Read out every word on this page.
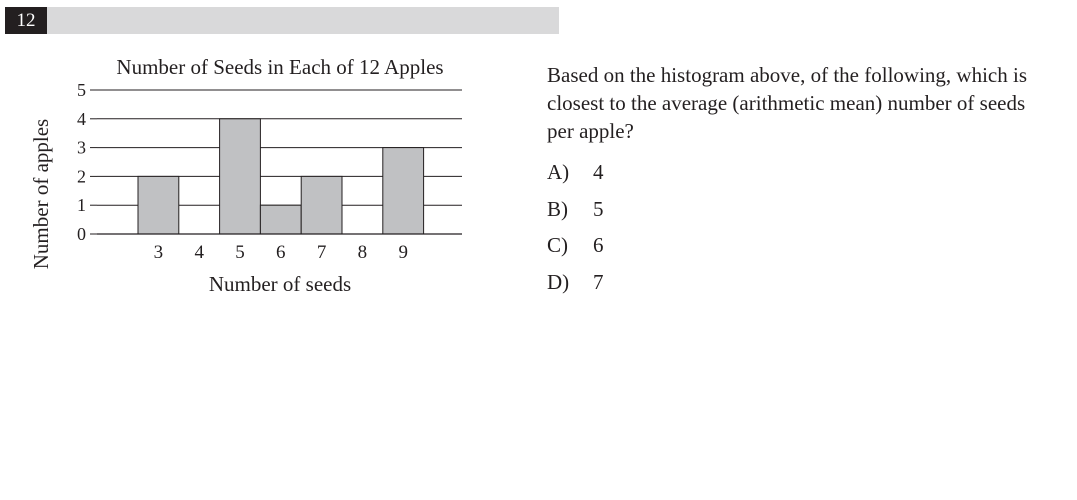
12
Number of Seeds in Each of 12 Apples
0
1
2
3
4
5
3 4 5 6 7 8 9
Number of seeds
Number of apples

Based on the histogram above, of the following, which is closest to the average (arithmetic mean) number of seeds per apple?

A) 4
B) 5
C) 6
D) 7
